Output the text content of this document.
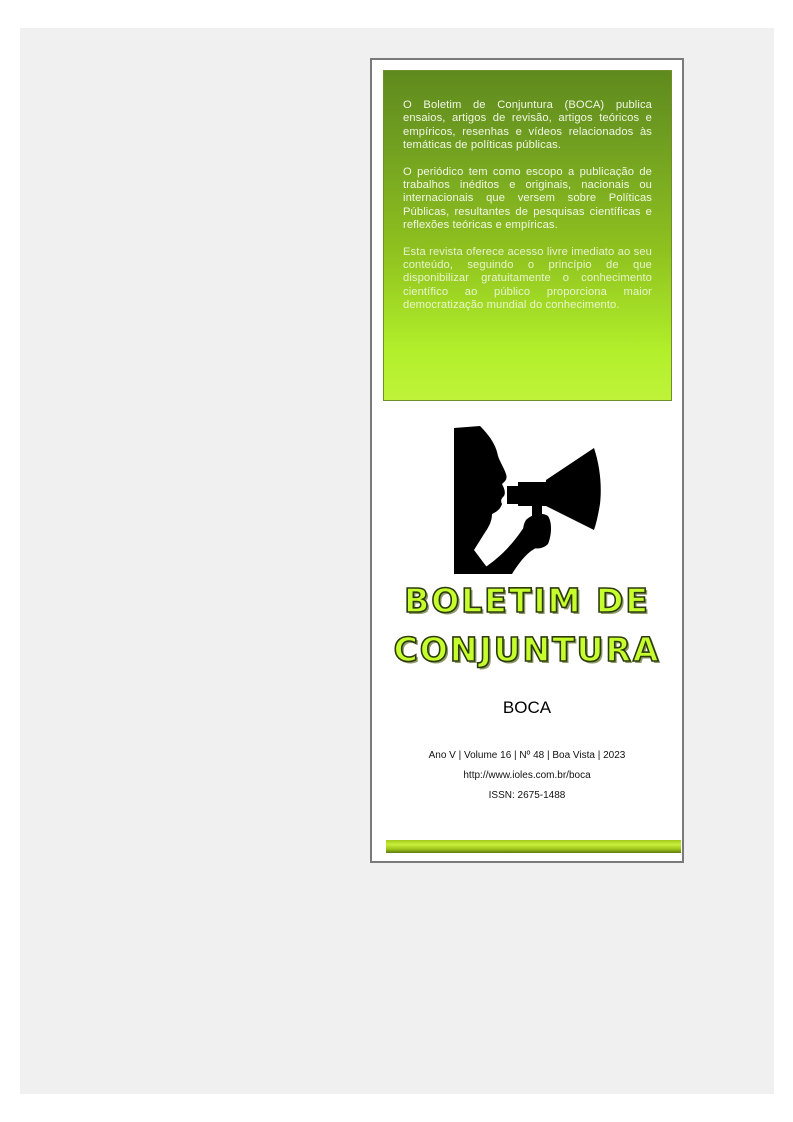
O Boletim de Conjuntura (BOCA) publica ensaios, artigos de revisão, artigos teóricos e empíricos, resenhas e vídeos relacionados às temáticas de políticas públicas.

O periódico tem como escopo a publicação de trabalhos inéditos e originais, nacionais ou internacionais que versem sobre Políticas Públicas, resultantes de pesquisas científicas e reflexões teóricas e empíricas.

Esta revista oferece acesso livre imediato ao seu conteúdo, seguindo o princípio de que disponibilizar gratuitamente o conhecimento científico ao público proporciona maior democratização mundial do conhecimento.

BOLETIM DE
CONJUNTURA
BOCA
Ano V | Volume 16 | Nº 48 | Boa Vista | 2023
http://www.ioles.com.br/boca
ISSN: 2675-1488
